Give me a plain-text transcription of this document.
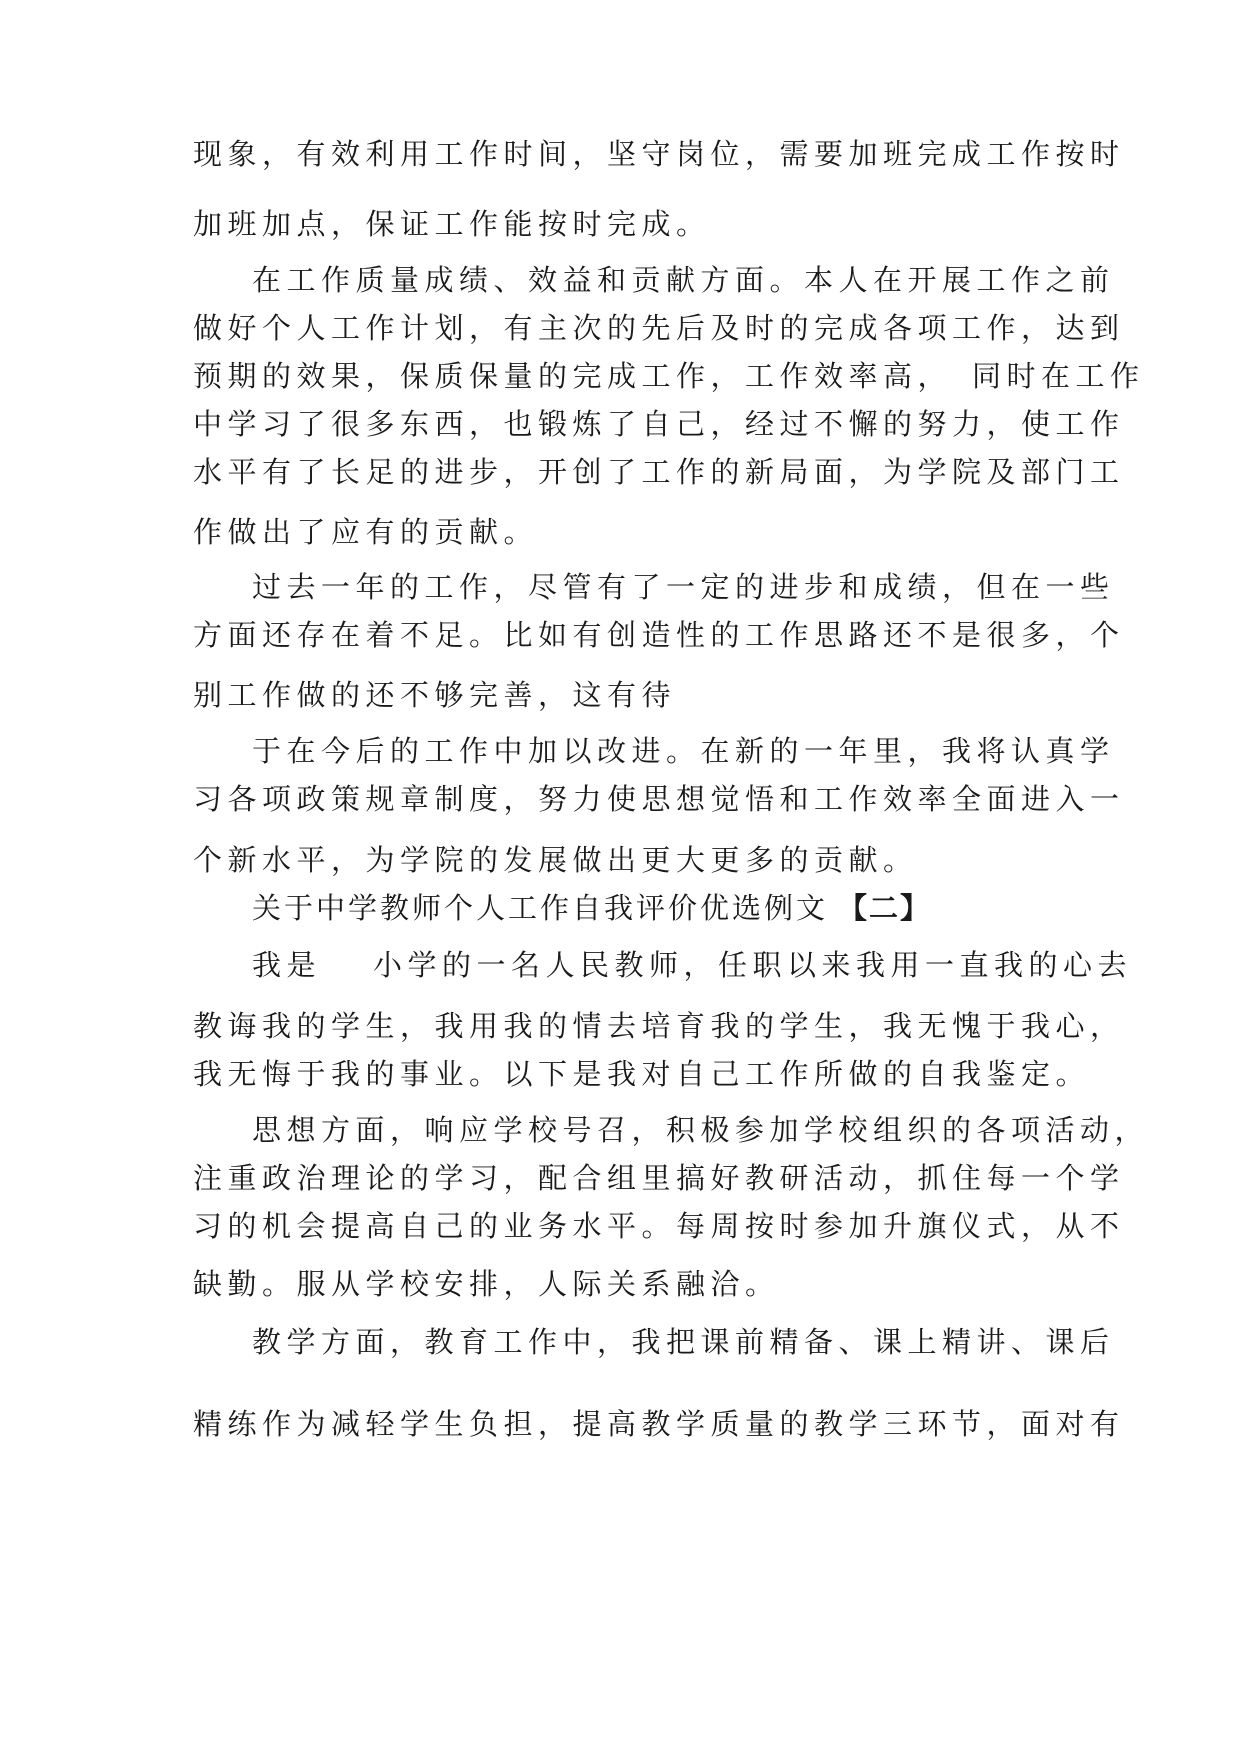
现象，有效利用工作时间，坚守岗位，需要加班完成工作按时
加班加点，保证工作能按时完成。
在工作质量成绩、效益和贡献方面。本人在开展工作之前
做好个人工作计划，有主次的先后及时的完成各项工作，达到
预期的效果，保质保量的完成工作，工作效率高，　同时在工作
中学习了很多东西，也锻炼了自己，经过不懈的努力，使工作
水平有了长足的进步，开创了工作的新局面，为学院及部门工
作做出了应有的贡献。
过去一年的工作，尽管有了一定的进步和成绩，但在一些
方面还存在着不足。比如有创造性的工作思路还不是很多，个
别工作做的还不够完善，这有待
于在今后的工作中加以改进。在新的一年里，我将认真学
习各项政策规章制度，努力使思想觉悟和工作效率全面进入一
个新水平，为学院的发展做出更大更多的贡献。
关于中学教师个人工作自我评价优选例文 【二】
我是 小学的一名人民教师，任职以来我用一直我的心去
教诲我的学生，我用我的情去培育我的学生，我无愧于我心，
我无悔于我的事业。以下是我对自己工作所做的自我鉴定。
思想方面，响应学校号召，积极参加学校组织的各项活动，
注重政治理论的学习，配合组里搞好教研活动，抓住每一个学
习的机会提高自己的业务水平。每周按时参加升旗仪式，从不
缺勤。服从学校安排，人际关系融洽。
教学方面，教育工作中，我把课前精备、课上精讲、课后
精练作为减轻学生负担，提高教学质量的教学三环节，面对有
